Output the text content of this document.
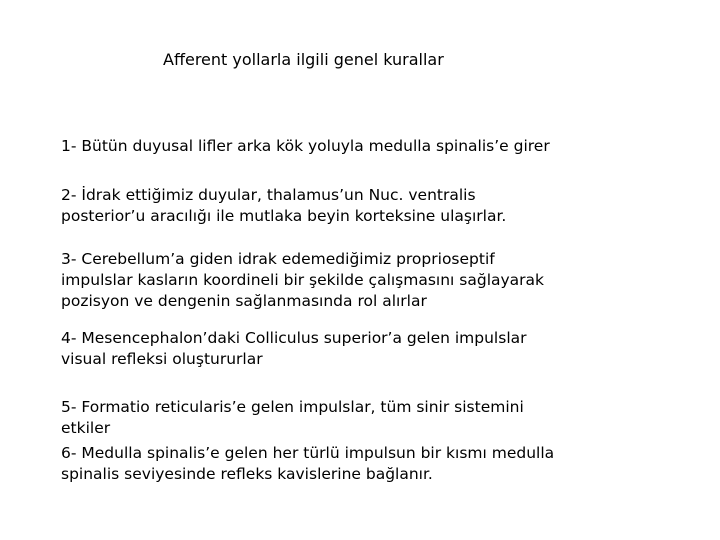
Afferent yollarla ilgili genel kurallar
1- Bütün duyusal lifler arka kök yoluyla medulla spinalis’e girer
2- İdrak ettiğimiz duyular, thalamus’un Nuc. ventralis
posterior’u aracılığı ile mutlaka beyin korteksine ulaşırlar.
3- Cerebellum’a giden idrak edemediğimiz proprioseptif
impulslar kasların koordineli bir şekilde çalışmasını sağlayarak
pozisyon ve dengenin sağlanmasında rol alırlar
4- Mesencephalon’daki Colliculus superior’a gelen impulslar
visual refleksi oluştururlar
5- Formatio reticularis’e gelen impulslar, tüm sinir sistemini
etkiler
6- Medulla spinalis’e gelen her türlü impulsun bir kısmı medulla
spinalis seviyesinde refleks kavislerine bağlanır.
